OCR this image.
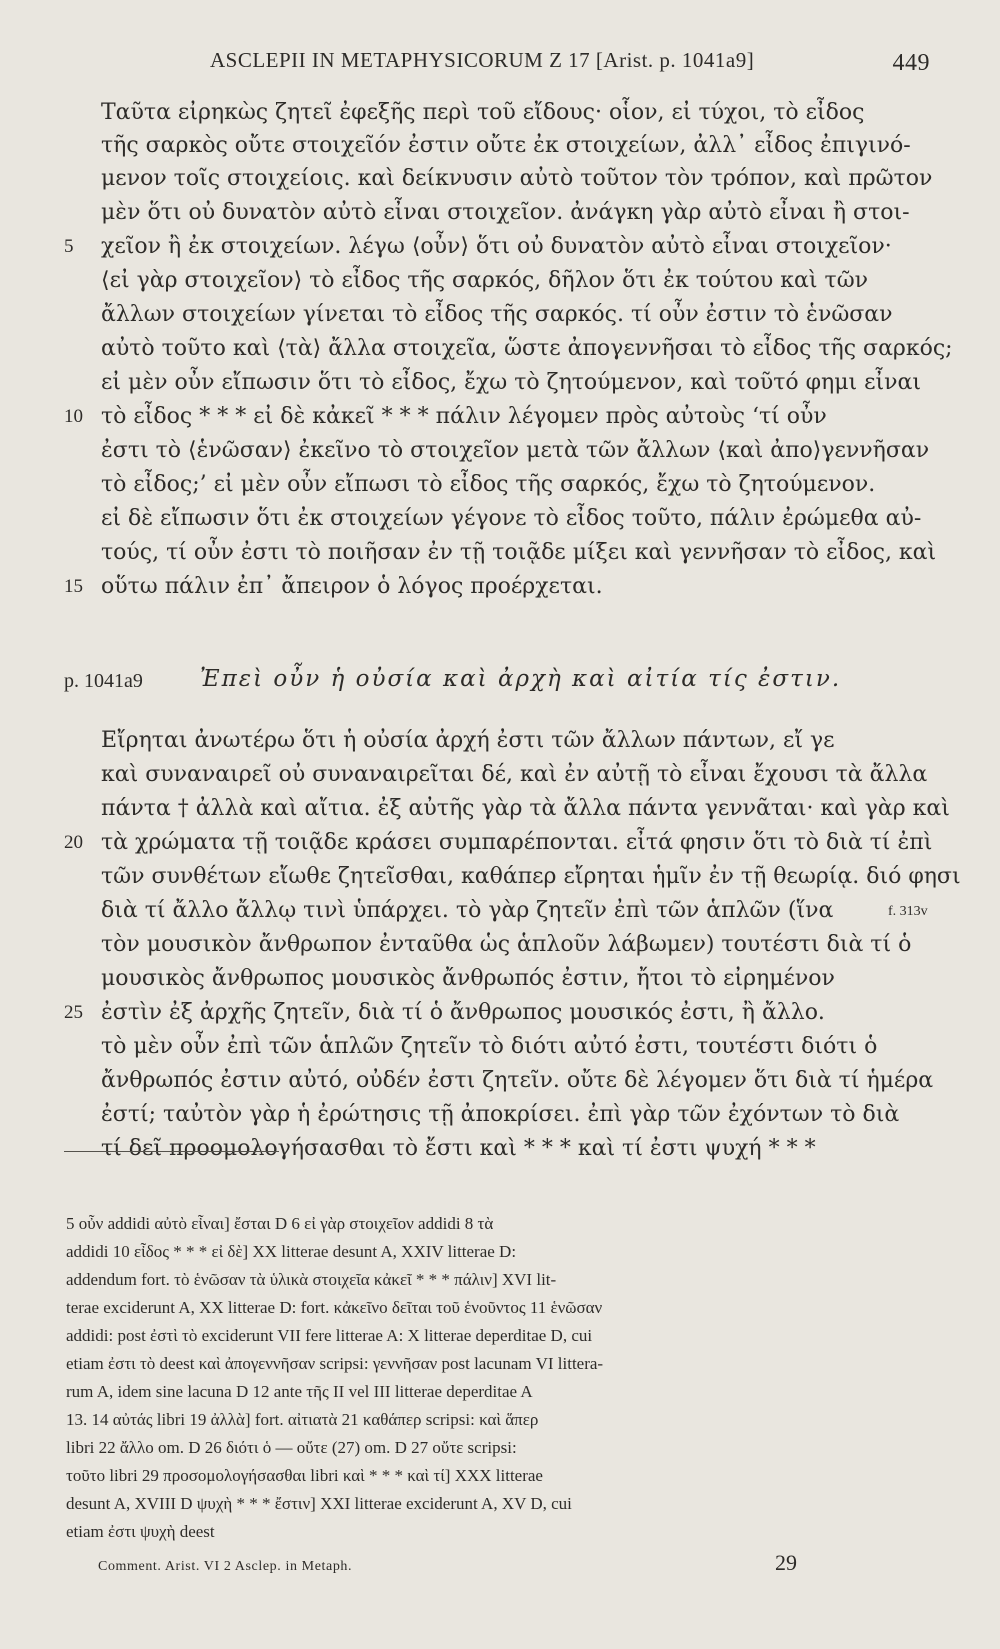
ASCLEPII IN METAPHYSICORUM Z 17 [Arist. p. 1041a9]	449
Ταῦτα εἰρηκὼς ζητεῖ ἐφεξῆς περὶ τοῦ εἴδους· οἷον, εἰ τύχοι, τὸ εἶδος
τῆς σαρκὸς οὔτε στοιχεῖόν ἐστιν οὔτε ἐκ στοιχείων, ἀλλ᾽ εἶδος ἐπιγινό-
μενον τοῖς στοιχείοις. καὶ δείκνυσιν αὐτὸ τοῦτον τὸν τρόπον, καὶ πρῶτον
μὲν ὅτι οὐ δυνατὸν αὐτὸ εἶναι στοιχεῖον. ἀνάγκη γὰρ αὐτὸ εἶναι ἢ στοι-
χεῖον ἢ ἐκ στοιχείων. λέγω ⟨οὖν⟩ ὅτι οὐ δυνατὸν αὐτὸ εἶναι στοιχεῖον·
⟨εἰ γὰρ στοιχεῖον⟩ τὸ εἶδος τῆς σαρκός, δῆλον ὅτι ἐκ τούτου καὶ τῶν
ἄλλων στοιχείων γίνεται τὸ εἶδος τῆς σαρκός. τί οὖν ἐστιν τὸ ἑνῶσαν
αὐτὸ τοῦτο καὶ ⟨τὰ⟩ ἄλλα στοιχεῖα, ὥστε ἀπογεννῆσαι τὸ εἶδος τῆς σαρκός;
εἰ μὲν οὖν εἴπωσιν ὅτι τὸ εἶδος, ἔχω τὸ ζητούμενον, καὶ τοῦτό φημι εἶναι
τὸ εἶδος * * * εἰ δὲ κἀκεῖ * * * πάλιν λέγομεν πρὸς αὐτοὺς ‘τί οὖν
ἐστι τὸ ⟨ἑνῶσαν⟩ ἐκεῖνο τὸ στοιχεῖον μετὰ τῶν ἄλλων ⟨καὶ ἀπο⟩γεννῆσαν
τὸ εἶδος;’ εἰ μὲν οὖν εἴπωσι τὸ εἶδος τῆς σαρκός, ἔχω τὸ ζητούμενον.
εἰ δὲ εἴπωσιν ὅτι ἐκ στοιχείων γέγονε τὸ εἶδος τοῦτο, πάλιν ἐρώμεθα αὐ-
τούς, τί οὖν ἐστι τὸ ποιῆσαν ἐν τῇ τοιᾷδε μίξει καὶ γεννῆσαν τὸ εἶδος, καὶ
οὕτω πάλιν ἐπ᾽ ἄπειρον ὁ λόγος προέρχεται.
5
10
15
p. 1041a9 Ἐπεὶ οὖν ἡ οὐσία καὶ ἀρχὴ καὶ αἰτία τίς ἐστιν.
Εἴρηται ἀνωτέρω ὅτι ἡ οὐσία ἀρχή ἐστι τῶν ἄλλων πάντων, εἴ γε
καὶ συναναιρεῖ οὐ συναναιρεῖται δέ, καὶ ἐν αὐτῇ τὸ εἶναι ἔχουσι τὰ ἄλλα
πάντα † ἀλλὰ καὶ αἴτια. ἐξ αὐτῆς γὰρ τὰ ἄλλα πάντα γεννᾶται· καὶ γὰρ καὶ
τὰ χρώματα τῇ τοιᾷδε κράσει συμπαρέπονται. εἶτά φησιν ὅτι τὸ διὰ τί ἐπὶ
τῶν συνθέτων εἴωθε ζητεῖσθαι, καθάπερ εἴρηται ἡμῖν ἐν τῇ θεωρίᾳ. διό φησι
διὰ τί ἄλλο ἄλλῳ τινὶ ὑπάρχει. τὸ γὰρ ζητεῖν ἐπὶ τῶν ἁπλῶν (ἵνα
τὸν μουσικὸν ἄνθρωπον ἐνταῦθα ὡς ἁπλοῦν λάβωμεν) τουτέστι διὰ τί ὁ
μουσικὸς ἄνθρωπος μουσικὸς ἄνθρωπός ἐστιν, ἤτοι τὸ εἰρημένον
ἐστὶν ἐξ ἀρχῆς ζητεῖν, διὰ τί ὁ ἄνθρωπος μουσικός ἐστι, ἢ ἄλλο.
τὸ μὲν οὖν ἐπὶ τῶν ἁπλῶν ζητεῖν τὸ διότι αὐτό ἐστι, τουτέστι διότι ὁ
ἄνθρωπός ἐστιν αὐτό, οὐδέν ἐστι ζητεῖν. οὔτε δὲ λέγομεν ὅτι διὰ τί ἡμέρα
ἐστί; ταὐτὸν γὰρ ἡ ἐρώτησις τῇ ἀποκρίσει. ἐπὶ γὰρ τῶν ἐχόντων τὸ διὰ
τί δεῖ προομολογήσασθαι τὸ ἔστι καὶ * * * καὶ τί ἐστι ψυχή * * *
20
25
f. 313v
5 οὖν addidi αὐτὸ εἶναι] ἔσται D 6 εἰ γὰρ στοιχεῖον addidi 8 τὰ
addidi 10 εἶδος * * * εἰ δὲ] XX litterae desunt A, XXIV litterae D:
addendum fort. τὸ ἑνῶσαν τὰ ὑλικὰ στοιχεῖα κἀκεῖ * * * πάλιν] XVI lit-
terae exciderunt A, XX litterae D: fort. κἀκεῖνο δεῖται τοῦ ἑνοῦντος 11 ἑνῶσαν
addidi: post ἐστὶ τὸ exciderunt VII fere litterae A: X litterae deperditae D, cui
etiam ἐστι τὸ deest καὶ ἀπογεννῆσαν scripsi: γεννῆσαν post lacunam VI littera-
rum A, idem sine lacuna D 12 ante τῆς II vel III litterae deperditae A
13. 14 αὐτάς libri 19 ἀλλὰ] fort. αἰτιατὰ 21 καθάπερ scripsi: καὶ ἅπερ
libri 22 ἄλλο om. D 26 διότι ὁ — οὔτε (27) om. D 27 οὔτε scripsi:
τοῦτο libri 29 προσομολογήσασθαι libri καὶ * * * καὶ τί] XXX litterae
desunt A, XVIII D ψυχὴ * * * ἔστιν] XXI litterae exciderunt A, XV D, cui
etiam ἐστι ψυχὴ deest
Comment. Arist. VI 2 Asclep. in Metaph.	29
